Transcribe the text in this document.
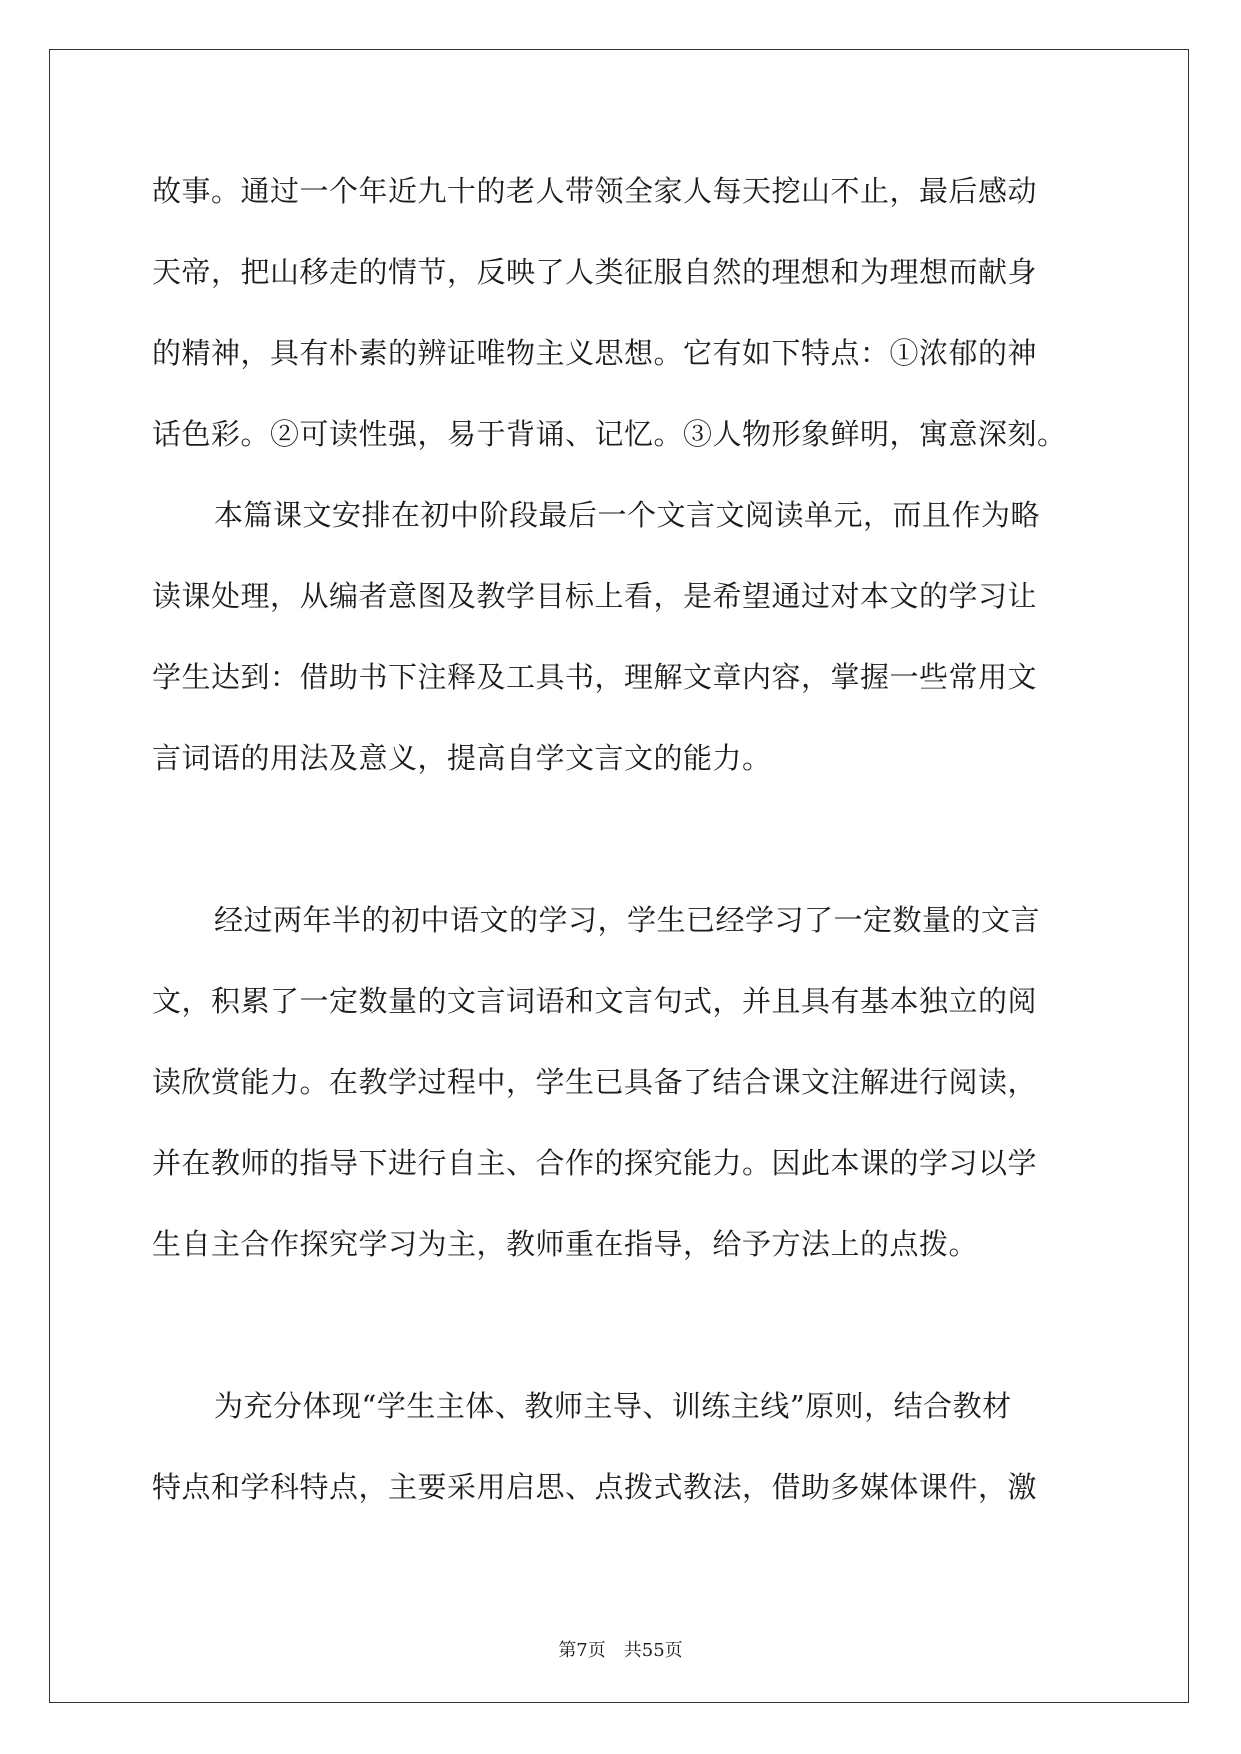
故事。通过一个年近九十的老人带领全家人每天挖山不止，最后感动
天帝，把山移走的情节，反映了人类征服自然的理想和为理想而献身
的精神，具有朴素的辨证唯物主义思想。它有如下特点：①浓郁的神
话色彩。②可读性强，易于背诵、记忆。③人物形象鲜明，寓意深刻。
本篇课文安排在初中阶段最后一个文言文阅读单元，而且作为略
读课处理，从编者意图及教学目标上看，是希望通过对本文的学习让
学生达到：借助书下注释及工具书，理解文章内容，掌握一些常用文
言词语的用法及意义，提高自学文言文的能力。
经过两年半的初中语文的学习，学生已经学习了一定数量的文言
文，积累了一定数量的文言词语和文言句式，并且具有基本独立的阅
读欣赏能力。在教学过程中，学生已具备了结合课文注解进行阅读，
并在教师的指导下进行自主、合作的探究能力。因此本课的学习以学
生自主合作探究学习为主，教师重在指导，给予方法上的点拨。
为充分体现“学生主体、教师主导、训练主线”原则，结合教材
特点和学科特点，主要采用启思、点拨式教法，借助多媒体课件，激
第7页 共55页
